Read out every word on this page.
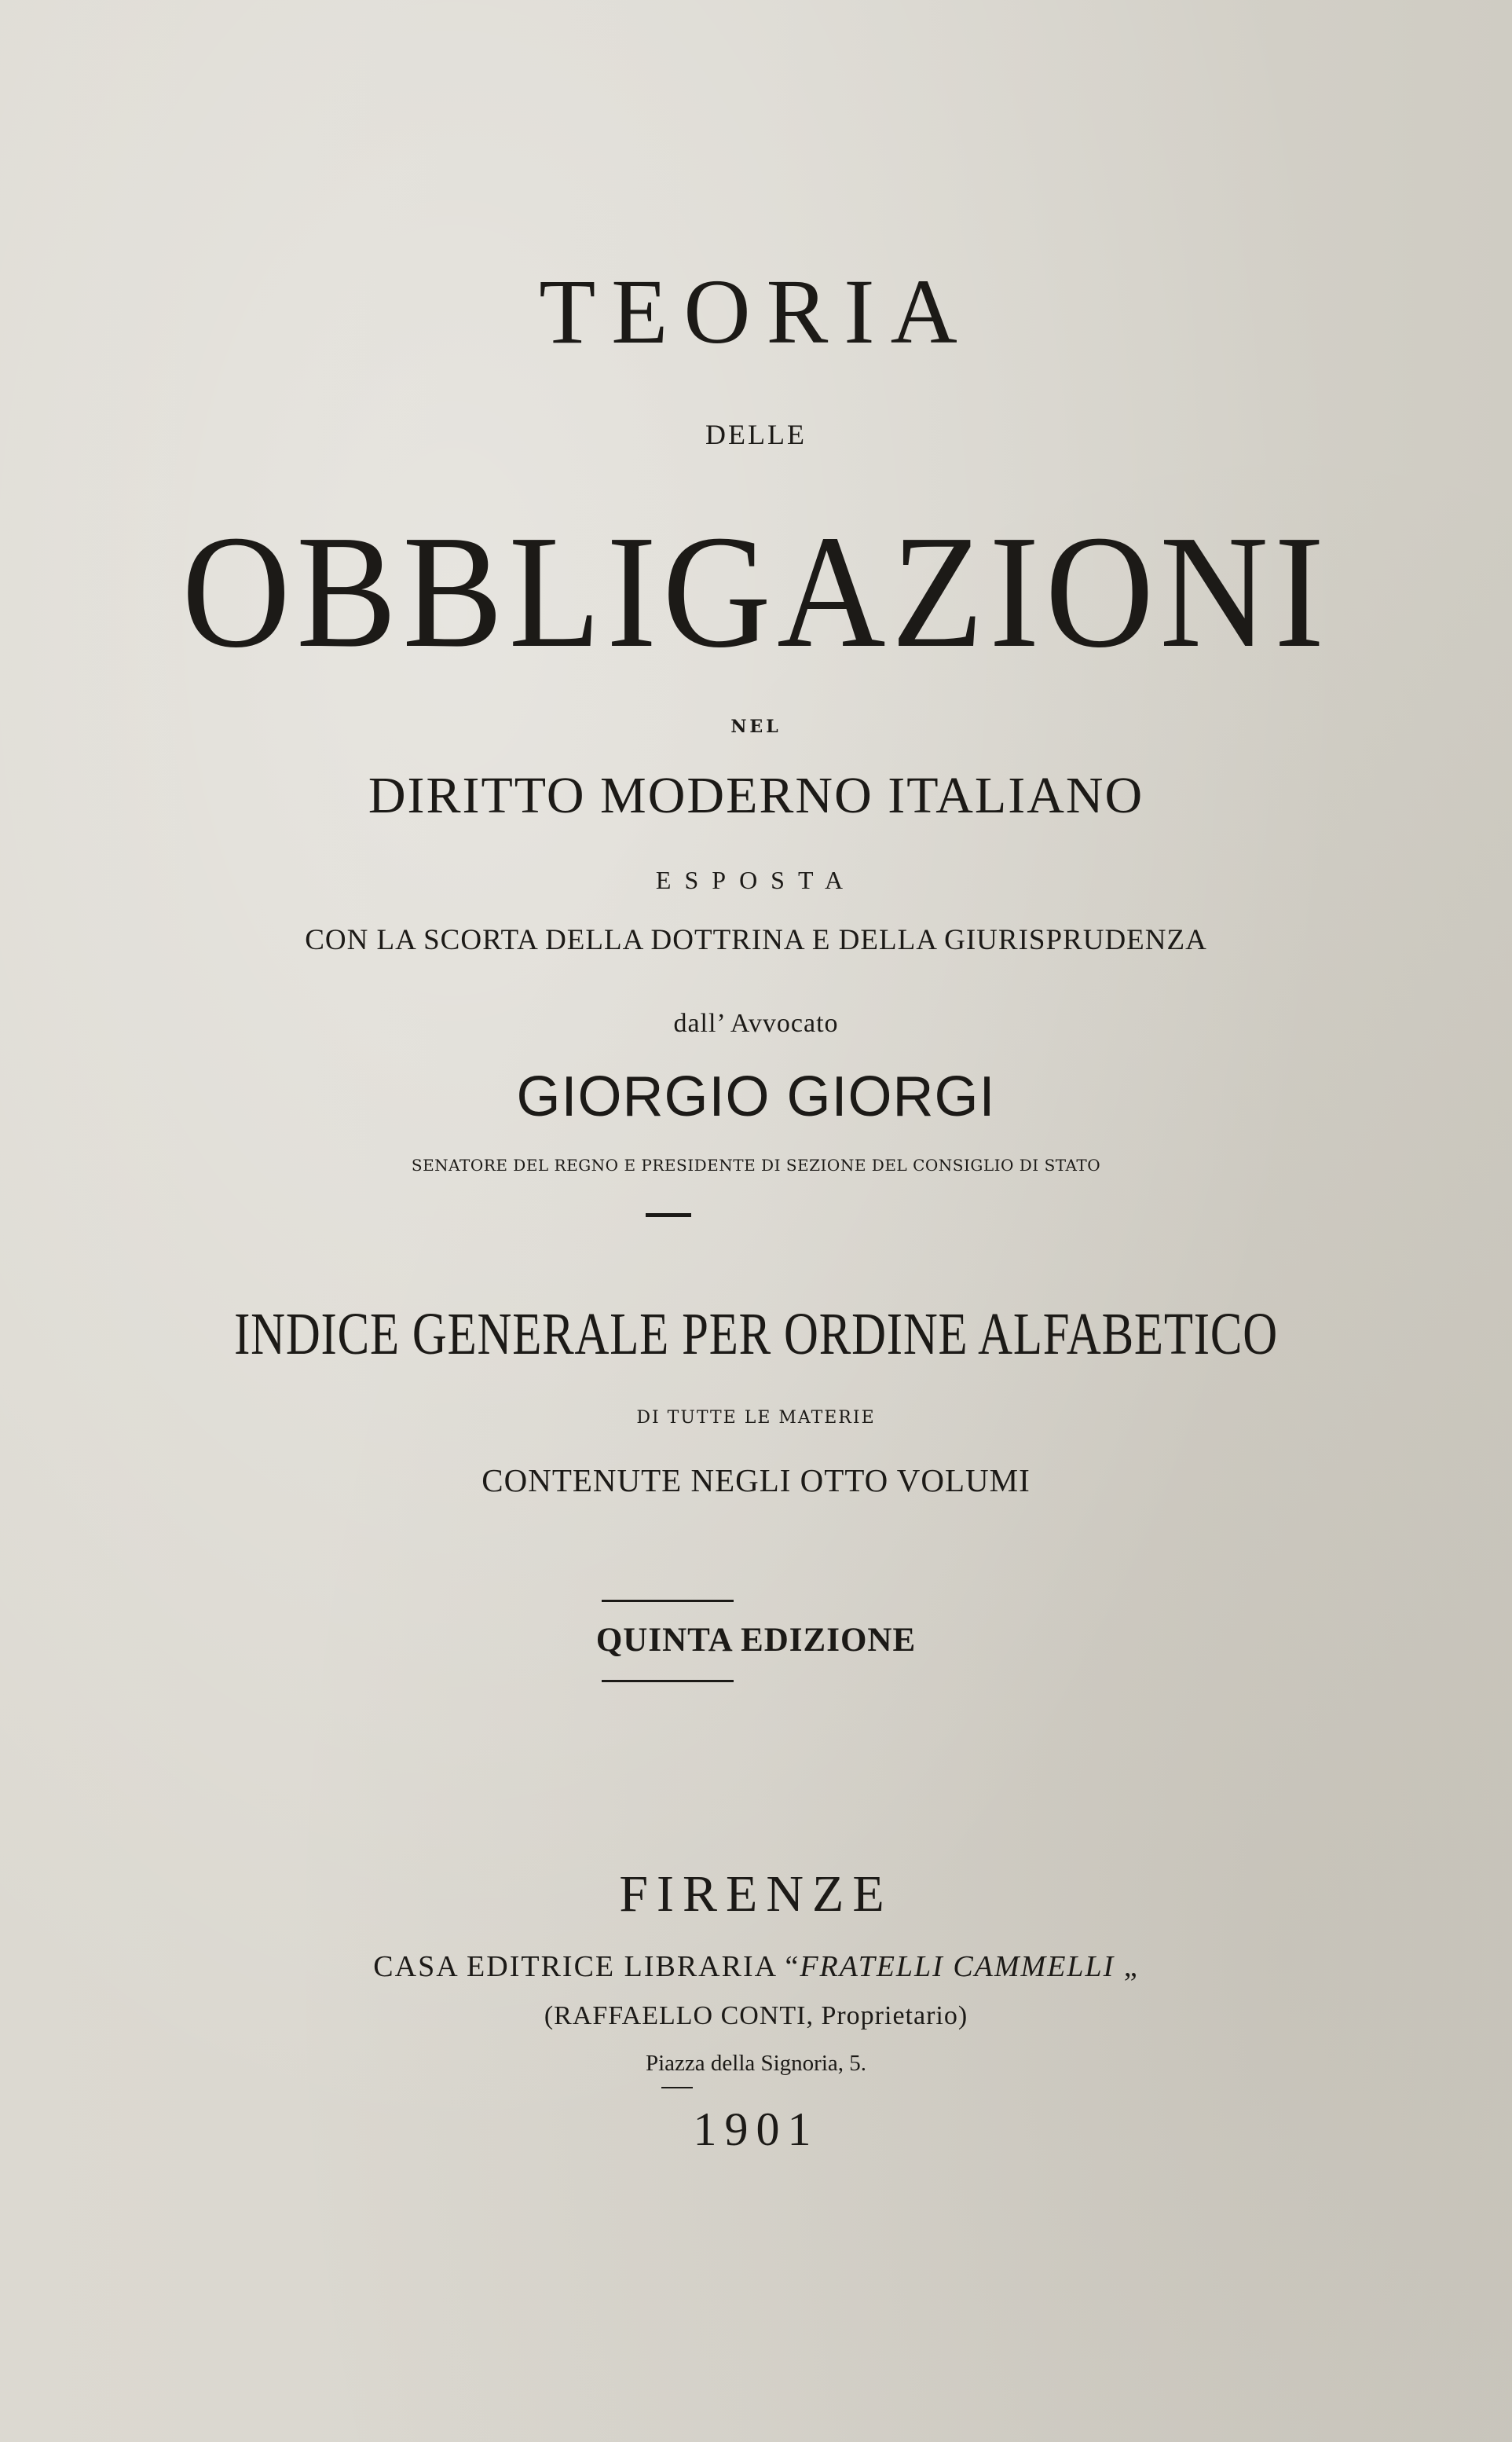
TEORIA
DELLE
OBBLIGAZIONI
NEL
DIRITTO MODERNO ITALIANO
ESPOSTA
CON LA SCORTA DELLA DOTTRINA E DELLA GIURISPRUDENZA
dall’ Avvocato
GIORGIO GIORGI
SENATORE DEL REGNO E PRESIDENTE DI SEZIONE DEL CONSIGLIO DI STATO
INDICE GENERALE PER ORDINE ALFABETICO
DI TUTTE LE MATERIE
CONTENUTE NEGLI OTTO VOLUMI
QUINTA EDIZIONE
FIRENZE
CASA EDITRICE LIBRARIA “FRATELLI CAMMELLI „
(RAFFAELLO CONTI, Proprietario)
Piazza della Signoria, 5.
1901
